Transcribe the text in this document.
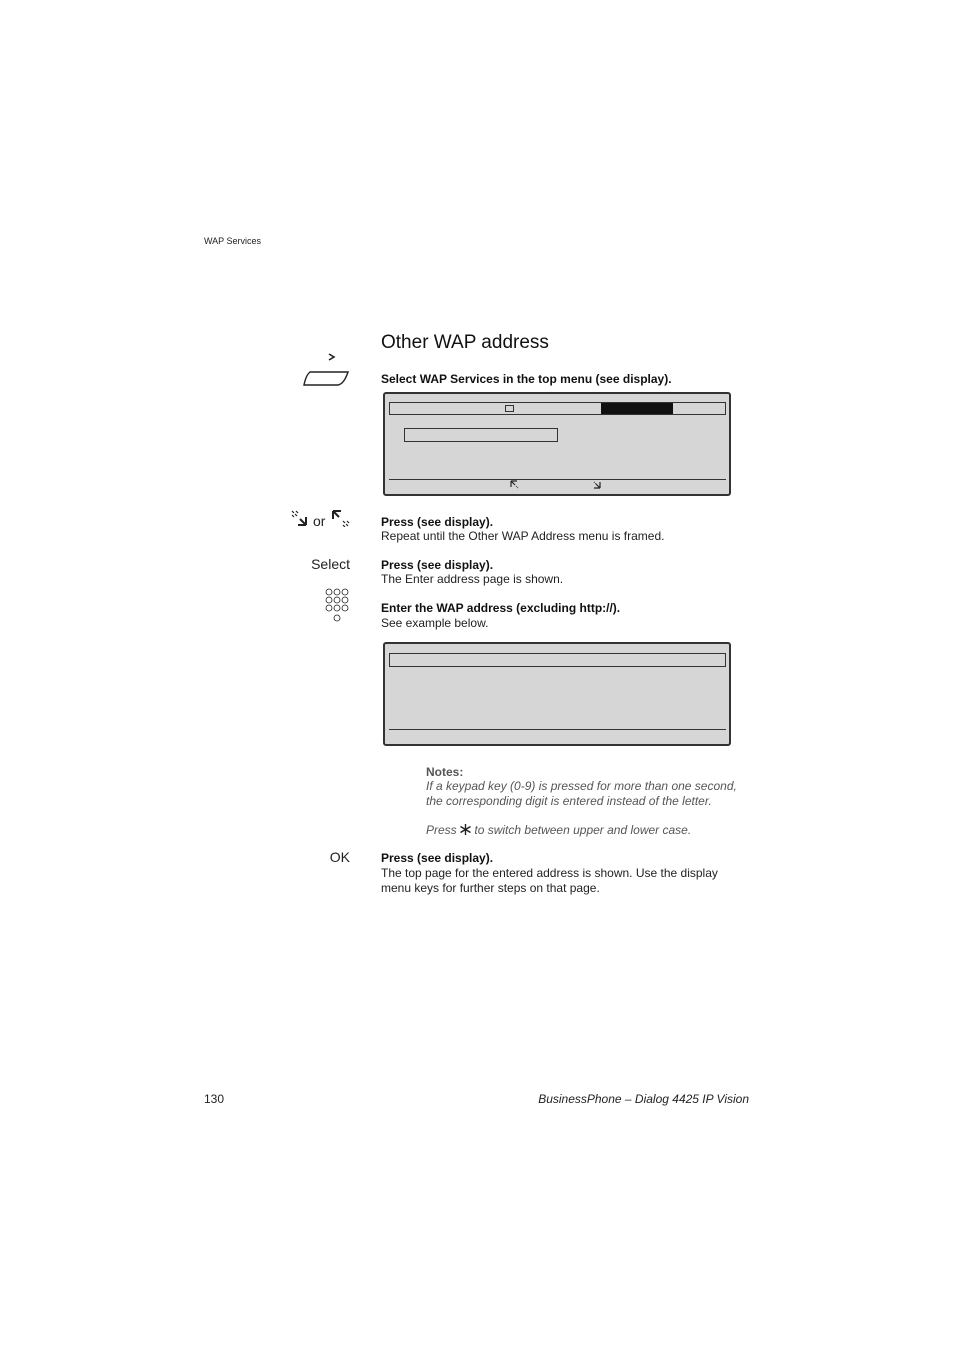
WAP Services
Other WAP address
Select WAP Services in the top menu (see display).
or	Press (see display).
Repeat until the Other WAP Address menu is framed.
Select	Press (see display).
The Enter address page is shown.
Enter the WAP address (excluding http://).
See example below.
Notes:
If a keypad key (0-9) is pressed for more than one second,
the corresponding digit is entered instead of the letter.
Press to switch between upper and lower case.
OK	Press (see display).
The top page for the entered address is shown. Use the display menu keys for further steps on that page.
130	BusinessPhone – Dialog 4425 IP Vision
